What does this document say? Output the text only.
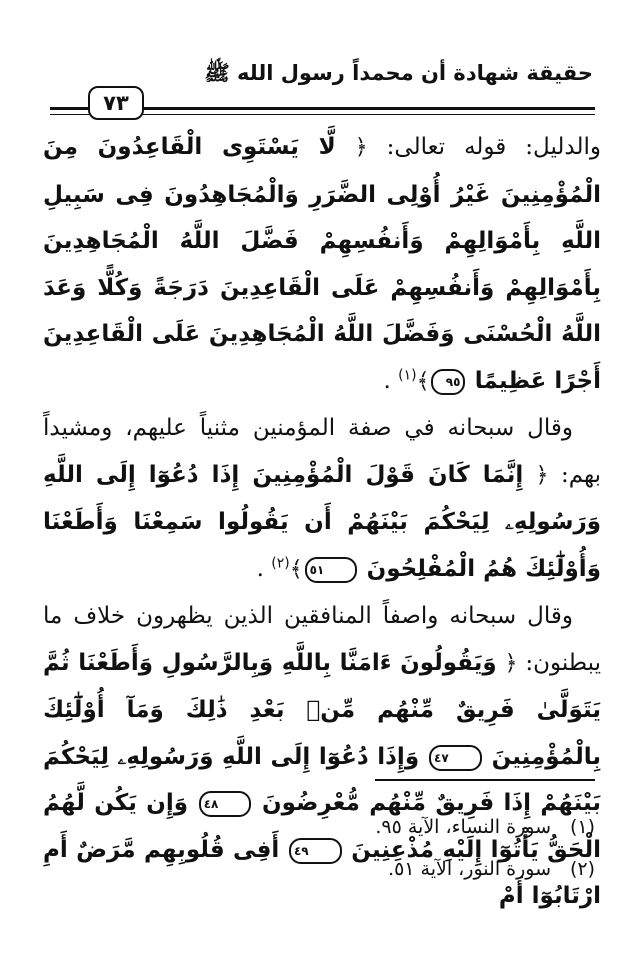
حقيقة شهادة أن محمداً رسول الله ﷺ
٧٣

والدليل: قوله تعالى: ﴿ لَّا يَسْتَوِى الْقَاعِدُونَ مِنَ الْمُؤْمِنِينَ غَيْرُ أُوْلِى الضَّرَرِ وَالْمُجَاهِدُونَ فِى سَبِيلِ اللَّهِ بِأَمْوَالِهِمْ وَأَنفُسِهِمْ فَضَّلَ اللَّهُ الْمُجَاهِدِينَ بِأَمْوَالِهِمْ وَأَنفُسِهِمْ عَلَى الْقَاعِدِينَ دَرَجَةً وَكُلًّا وَعَدَ اللَّهُ الْحُسْنَى وَفَضَّلَ اللَّهُ الْمُجَاهِدِينَ عَلَى الْقَاعِدِينَ أَجْرًا عَظِيمًا ٩٥﴾$^{(١)}$ .

وقال سبحانه في صفة المؤمنين مثنياً عليهم، ومشيداً بهم: ﴿ إِنَّمَا كَانَ قَوْلَ الْمُؤْمِنِينَ إِذَا دُعُوٓا إِلَى اللَّهِ وَرَسُولِهِۦ لِيَحْكُمَ بَيْنَهُمْ أَن يَقُولُوا سَمِعْنَا وَأَطَعْنَا وَأُوْلَٰٓئِكَ هُمُ الْمُفْلِحُونَ ٥١﴾$^{(٢)}$ .

وقال سبحانه واصفاً المنافقين الذين يظهرون خلاف ما يبطنون: ﴿ وَيَقُولُونَ ءَامَنَّا بِاللَّهِ وَبِالرَّسُولِ وَأَطَعْنَا ثُمَّ يَتَوَلَّىٰ فَرِيقٌ مِّنْهُم مِّنۢ بَعْدِ ذَٰلِكَ وَمَآ أُوْلَٰٓئِكَ بِالْمُؤْمِنِينَ ٤٧ وَإِذَا دُعُوٓا إِلَى اللَّهِ وَرَسُولِهِۦ لِيَحْكُمَ بَيْنَهُمْ إِذَا فَرِيقٌ مِّنْهُم مُّعْرِضُونَ ٤٨ وَإِن يَكُن لَّهُمُ الْحَقُّ يَأْتُوٓا إِلَيْهِ مُذْعِنِينَ ٤٩ أَفِى قُلُوبِهِم مَّرَضٌ أَمِ ارْتَابُوٓا أَمْ

(١)سورة النساء، الآية ٩٥.
(٢)سورة النور، الآية ٥١.
